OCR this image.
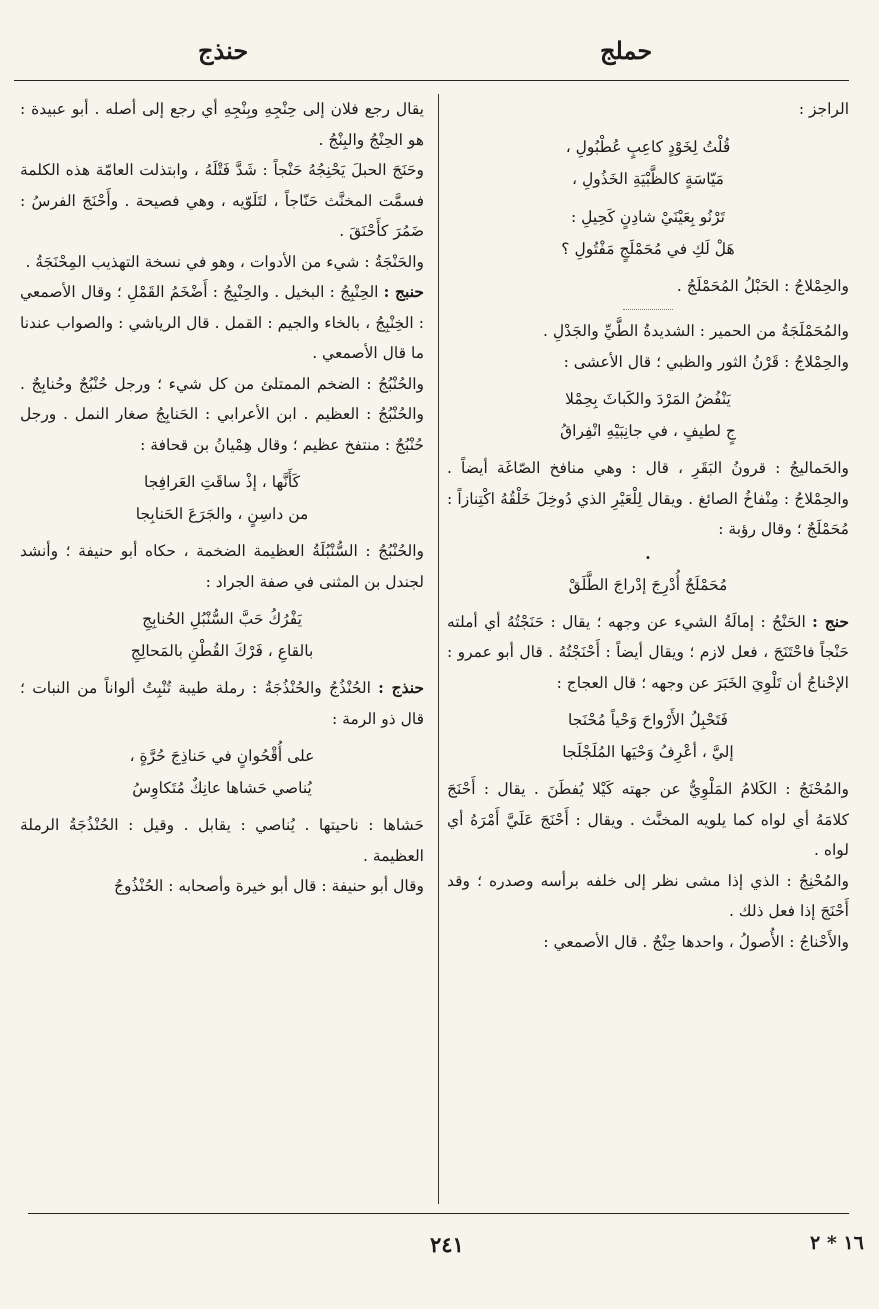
حملج
حنذج

الراجز :

قُلْتُ لِخَوْدٍ كاعِبٍ عُطْبُولِ ،
مَيّاسَةٍ كالظَّبْيَةِ الخَذُولِ ،
تَرْنُو بِعَيْنَيْ شادِنٍ كَحِيلِ :
هَلْ لَكِ في مُحَمْلَجٍ مَفْتُولِ ؟

والحِمْلاجُ : الحَبْلُ المُحَمْلَجُ .

والمُحَمْلَجَةُ من الحمير : الشديدةُ الطَّيِّ والجَدْلِ .

والحِمْلاجُ : قَرْنُ الثور والظبي ؛ قال الأعشى :

يَنْفُضُ المَرْدَ والكَباثَ بِحِمْلا
جٍ لطيفٍ ، في جانِبَيْهِ انْفِراقُ

والحَماليجُ : قرونُ البَقَرِ ، قال : وهي منافخ الصّاغَة أيضاً . والحِمْلاجُ : مِنْفاخُ الصائغ . ويقال لِلْعَيْرِ الذي دُوخِلَ خَلْقُهُ اكْتِنازاً : مُحَمْلَجٌ ؛ وقال رؤبة :

.
مُحَمْلَجٌ أُدْرِجَ إدْراجَ الطَّلَقْ

حنج : الحَنْجُ : إمالَةُ الشيء عن وجهه ؛ يقال : حَنَجْتُهُ أي أملته حَنْجاً فاحْتَنَجَ ، فعل لازم ؛ ويقال أيضاً : أَحْنَجْتُهُ . قال أبو عمرو : الإحْناجُ أن تَلْوِيَ الخَبَرَ عن وجهه ؛ قال العجاج :

فَتَحْبِلُ الأَرْواحَ وَحْياً مُحْنَجا
إليَّ ، أعْرِفُ وَحْيَها المُلَجْلَجا

والمُحْنَجُ : الكَلامُ المَلْوِيُّ عن جهته كَيْلا يُفطَنَ . يقال : أَحْنَجَ كلامَهُ أي لواه كما يلويه المخنَّث . ويقال : أَحْنَجَ عَلَيَّ أَمْرَهُ أي لواه .

والمُحْنِجُ : الذي إذا مشى نظر إلى خلفه برأسه وصدره ؛ وقد أَحْنَجَ إذا فعل ذلك .

والأَحْناجُ : الأُصولُ ، واحدها حِنْجٌ . قال الأصمعي :

يقال رجع فلان إلى حِنْجِهِ وبِنْجِهِ أي رجع إلى أصله . أبو عبيدة : هو الحِنْجُ والبِنْجُ .

وحَنَجَ الحبلَ يَحْنِجُهُ حَنْجاً : شَدَّ فَتْلَهُ ، وابتذلت العامّة هذه الكلمة فسمَّت المخنَّث حَنّاجاً ، لتَلَوّيه ، وهي فصيحة . وأَحْنَجَ الفرسُ : ضَمُرَ كأَحْنَقَ .

والحَنْجَةُ : شيء من الأدوات ، وهو في نسخة التهذيب المِحْنَجَةُ .

حنبج : الحِنْبِجُ : البخيل . والحِنْبِجُ : أَضْخَمُ القَمْلِ ؛ وقال الأصمعي : الخِنْبِجُ ، بالخاء والجيم : القمل . قال الرياشي : والصواب عندنا ما قال الأصمعي .

والحُنْبُجُ : الضخم الممتلئ من كل شيء ؛ ورجل حُنْبُجٌ وحُنابِجٌ . والحُنْبُجُ : العظيم . ابن الأعرابي : الحَنابِجُ صغار النمل . ورجل حُنْبُجٌ : منتفخ عظيم ؛ وقال هِمْيانُ بن قحافة :

كَأَنَّها ، إذْ ساقَتِ العَرافِجا
من داسِنٍ ، والجَرَعَ الحَنابِجا

والحُنْبُجُ : السُّنْبُلَةُ العظيمة الضخمة ، حكاه أبو حنيفة ؛ وأنشد لجندل بن المثنى في صفة الجراد :

يَفْرُكُ حَبَّ السُّنْبُلِ الحُنابِجِ
بالقاعِ ، فَرْكَ القُطْنِ بالمَحالِجِ

حنذج : الحُنْذُجُ والحُنْذُجَةُ : رملة طيبة تُنْبِتُ ألواناً من النبات ؛ قال ذو الرمة :

على أُقْحُوانٍ في حَناذِجَ حُرَّةٍ ،
يُناصي حَشاها عانِكٌ مُتَكاوِسُ

حَشاها : ناحيتها . يُناصي : يقابل . وقيل : الحُنْذُجَةُ الرملة العظيمة .

وقال أبو حنيفة : قال أبو خيرة وأصحابه : الحُنْذُوجُ

١٦ * ٢
٢٤١
